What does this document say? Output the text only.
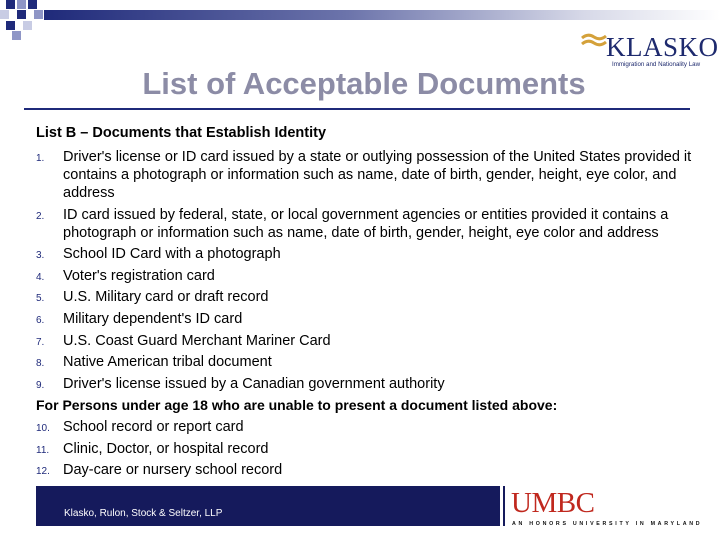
KLASKO
Immigration and Nationality Law
List of Acceptable Documents
List B – Documents that Establish Identity
1. Driver's license or ID card issued by a state or outlying possession of the United States provided it contains a photograph or information such as name, date of birth, gender, height, eye color, and address
2. ID card issued by federal, state, or local government agencies or entities provided it contains a photograph or information such as name, date of birth, gender, height, eye color and address
3. School ID Card with a photograph
4. Voter's registration card
5. U.S. Military card or draft record
6. Military dependent's ID card
7. U.S. Coast Guard Merchant Mariner Card
8. Native American tribal document
9. Driver's license issued by a Canadian government authority
For Persons under age 18 who are unable to present a document listed above:
10. School record or report card
11. Clinic, Doctor, or hospital record
12. Day-care or nursery school record
Klasko, Rulon, Stock & Seltzer, LLP	UMBC
AN HONORS UNIVERSITY IN MARYLAND
